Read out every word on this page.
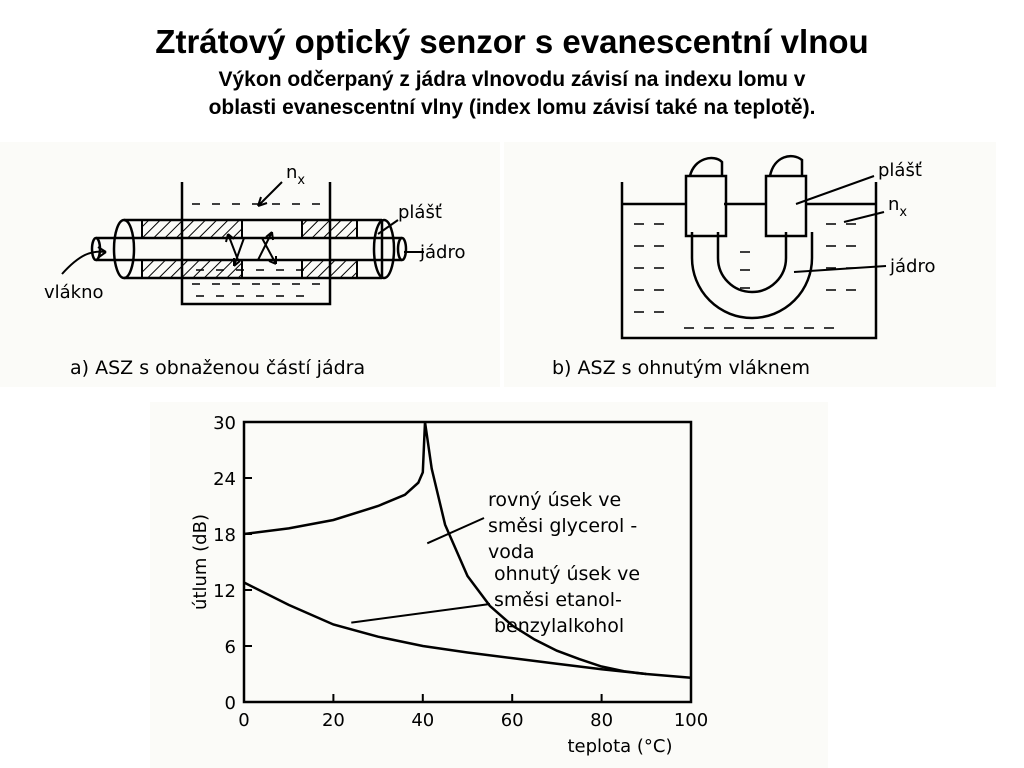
Ztrátový optický senzor s evanescentní vlnou
Výkon odčerpaný z jádra vlnovodu závisí na indexu lomu v
oblasti evanescentní vlny (index lomu závisí také na teplotě).
$n_x$
plášť
jádro
vlákno
a) ASZ s obnaženou částí jádra
plášť
$n_x$
jádro
b) ASZ s ohnutým vláknem
0
6
12
18
24
30
0	20	40	60	80	100
rovný úsek ve
směsi glycerol -
voda
ohnutý úsek ve
směsi etanol-
benzylalkohol
útlum (dB)
teplota (°C)
